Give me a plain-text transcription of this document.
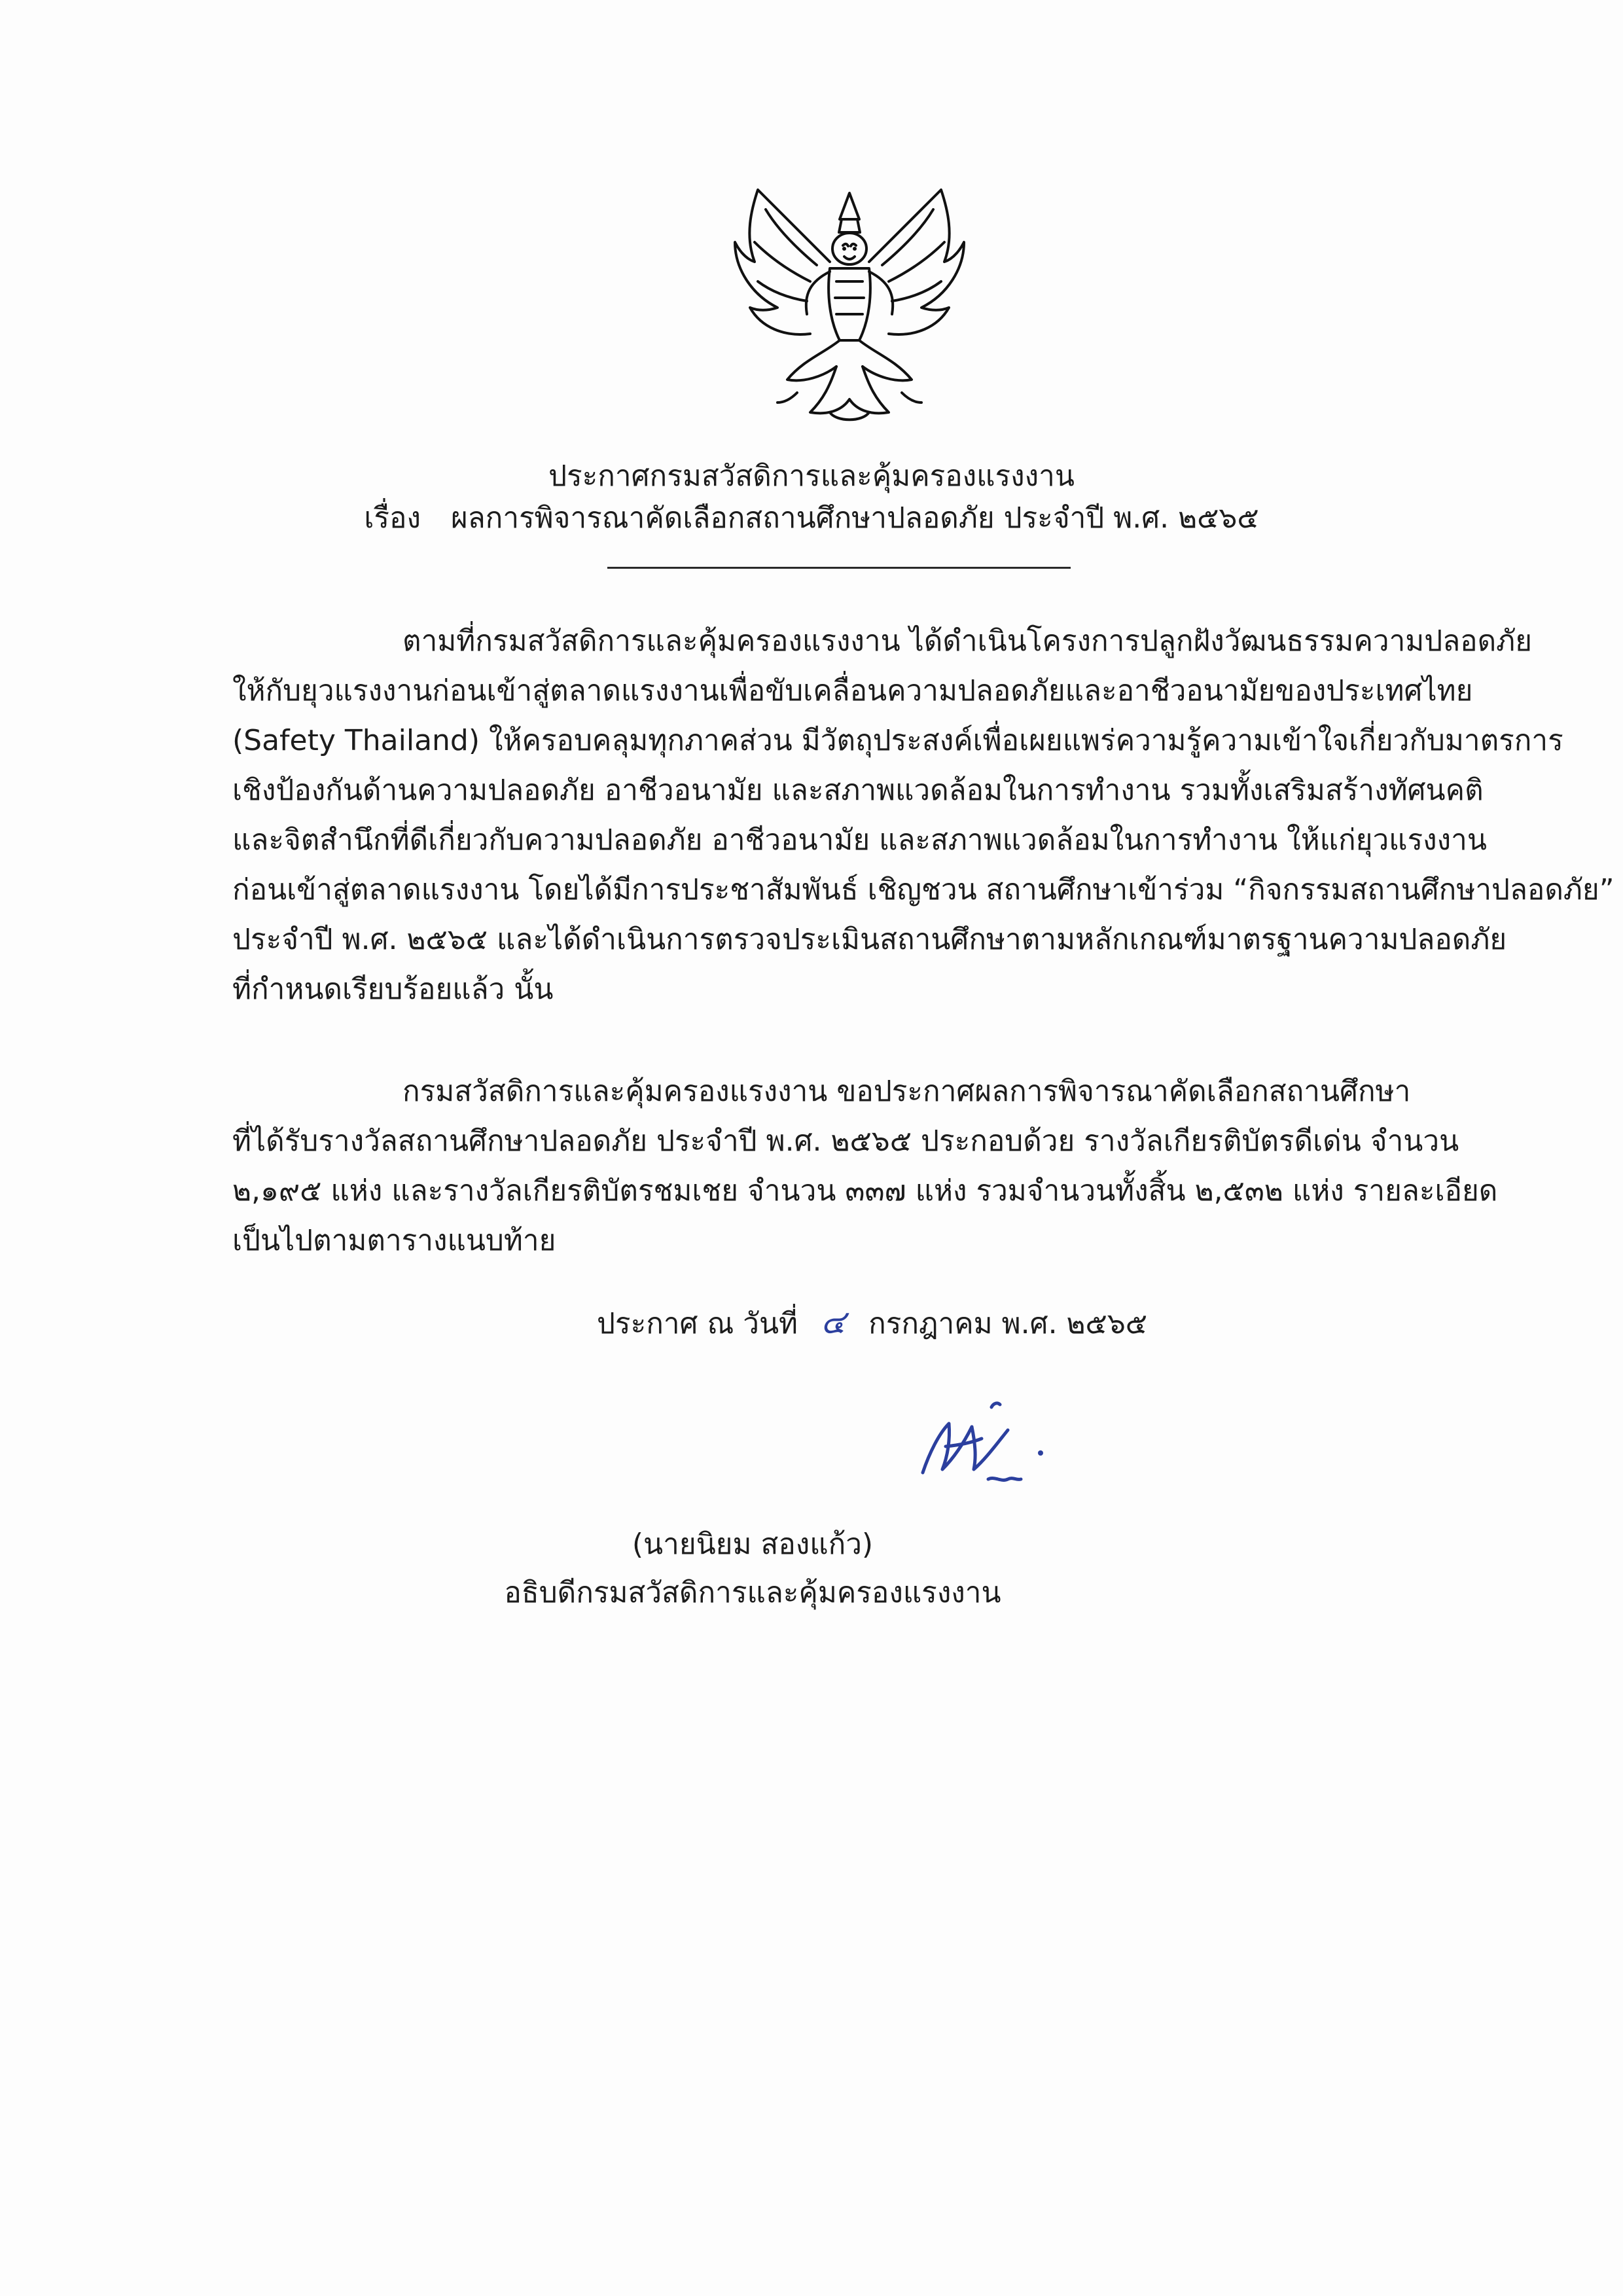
ประกาศกรมสวัสดิการและคุ้มครองแรงงาน
เรื่อง ผลการพิจารณาคัดเลือกสถานศึกษาปลอดภัย ประจำปี พ.ศ. ๒๕๖๕
ตามที่กรมสวัสดิการและคุ้มครองแรงงาน ได้ดำเนินโครงการปลูกฝังวัฒนธรรมความปลอดภัย
ให้กับยุวแรงงานก่อนเข้าสู่ตลาดแรงงานเพื่อขับเคลื่อนความปลอดภัยและอาชีวอนามัยของประเทศไทย
(Safety Thailand) ให้ครอบคลุมทุกภาคส่วน มีวัตถุประสงค์เพื่อเผยแพร่ความรู้ความเข้าใจเกี่ยวกับมาตรการ
เชิงป้องกันด้านความปลอดภัย อาชีวอนามัย และสภาพแวดล้อมในการทำงาน รวมทั้งเสริมสร้างทัศนคติ
และจิตสำนึกที่ดีเกี่ยวกับความปลอดภัย อาชีวอนามัย และสภาพแวดล้อมในการทำงาน ให้แก่ยุวแรงงาน
ก่อนเข้าสู่ตลาดแรงงาน โดยได้มีการประชาสัมพันธ์ เชิญชวน สถานศึกษาเข้าร่วม “กิจกรรมสถานศึกษาปลอดภัย”
ประจำปี พ.ศ. ๒๕๖๕ และได้ดำเนินการตรวจประเมินสถานศึกษาตามหลักเกณฑ์มาตรฐานความปลอดภัย
ที่กำหนดเรียบร้อยแล้ว นั้น
กรมสวัสดิการและคุ้มครองแรงงาน ขอประกาศผลการพิจารณาคัดเลือกสถานศึกษา
ที่ได้รับรางวัลสถานศึกษาปลอดภัย ประจำปี พ.ศ. ๒๕๖๕ ประกอบด้วย รางวัลเกียรติบัตรดีเด่น จำนวน
๒,๑๙๕ แห่ง และรางวัลเกียรติบัตรชมเชย จำนวน ๓๓๗ แห่ง รวมจำนวนทั้งสิ้น ๒,๕๓๒ แห่ง รายละเอียด
เป็นไปตามตารางแนบท้าย
ประกาศ ณ วันที่ ๔ กรกฎาคม พ.ศ. ๒๕๖๕
(นายนิยม สองแก้ว)
อธิบดีกรมสวัสดิการและคุ้มครองแรงงาน
